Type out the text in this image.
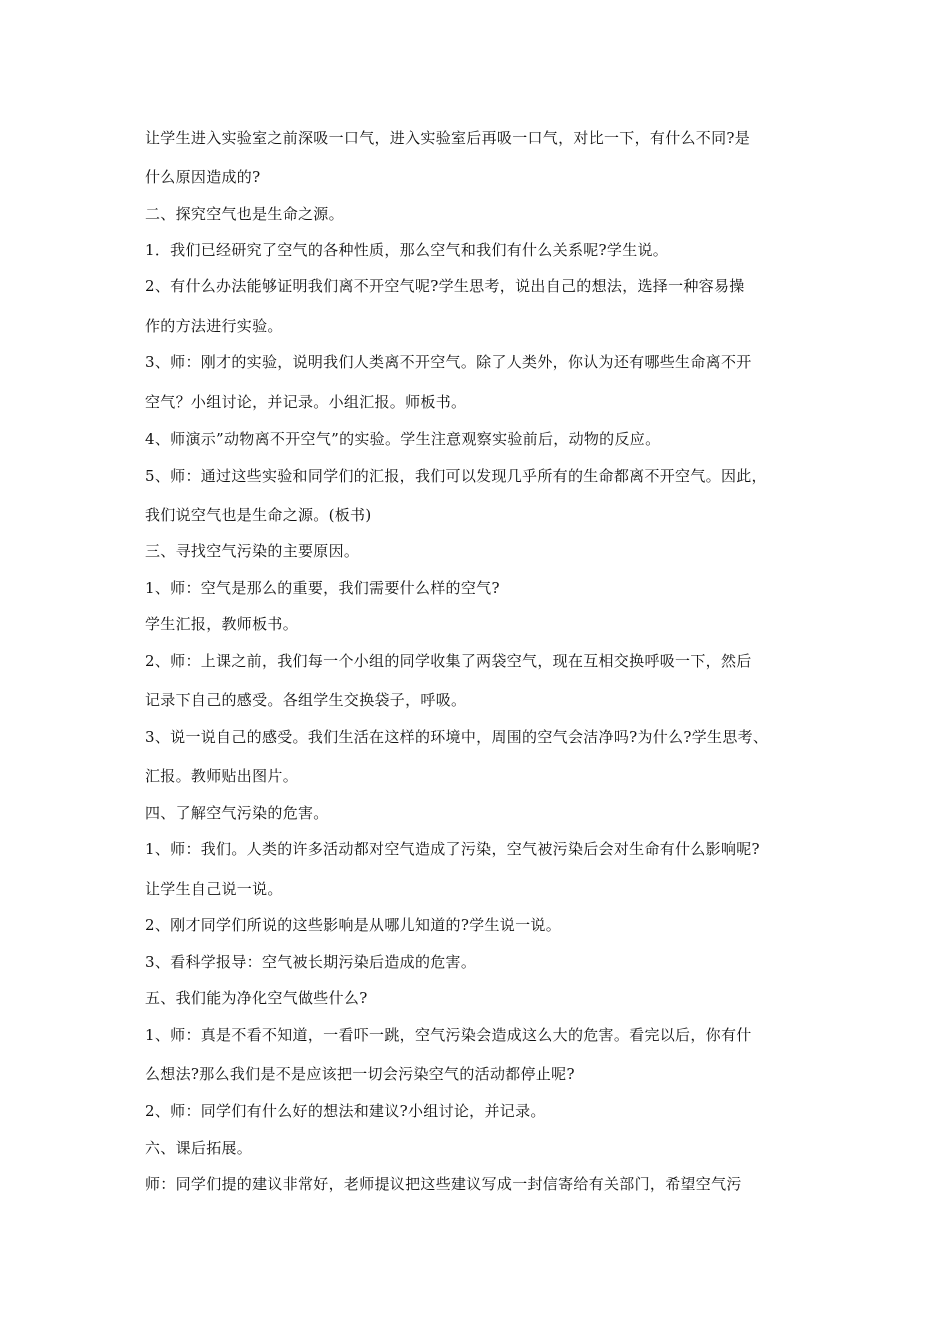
让学生进入实验室之前深吸一口气，进入实验室后再吸一口气，对比一下，有什么不同?是
什么原因造成的?
二、探究空气也是生命之源。
1．我们已经研究了空气的各种性质，那么空气和我们有什么关系呢?学生说。
2、有什么办法能够证明我们离不开空气呢?学生思考，说出自己的想法，选择一种容易操
作的方法进行实验。
3、师：刚才的实验，说明我们人类离不开空气。除了人类外，你认为还有哪些生命离不开
空气？小组讨论，并记录。小组汇报。师板书。
4、师演示”动物离不开空气”的实验。学生注意观察实验前后，动物的反应。
5、师：通过这些实验和同学们的汇报，我们可以发现几乎所有的生命都离不开空气。因此，
我们说空气也是生命之源。(板书)
三、寻找空气污染的主要原因。
1、师：空气是那么的重要，我们需要什么样的空气?
学生汇报，教师板书。
2、师：上课之前，我们每一个小组的同学收集了两袋空气，现在互相交换呼吸一下，然后
记录下自己的感受。各组学生交换袋子，呼吸。
3、说一说自己的感受。我们生活在这样的环境中，周围的空气会洁净吗?为什么?学生思考、
汇报。教师贴出图片。
四、了解空气污染的危害。
1、师：我们。人类的许多活动都对空气造成了污染，空气被污染后会对生命有什么影响呢?
让学生自己说一说。
2、刚才同学们所说的这些影响是从哪儿知道的?学生说一说。
3、看科学报导：空气被长期污染后造成的危害。
五、我们能为净化空气做些什么?
1、师：真是不看不知道，一看吓一跳，空气污染会造成这么大的危害。看完以后，你有什
么想法?那么我们是不是应该把一切会污染空气的活动都停止呢?
2、师：同学们有什么好的想法和建议?小组讨论，并记录。
六、课后拓展。
师：同学们提的建议非常好，老师提议把这些建议写成一封信寄给有关部门，希望空气污
